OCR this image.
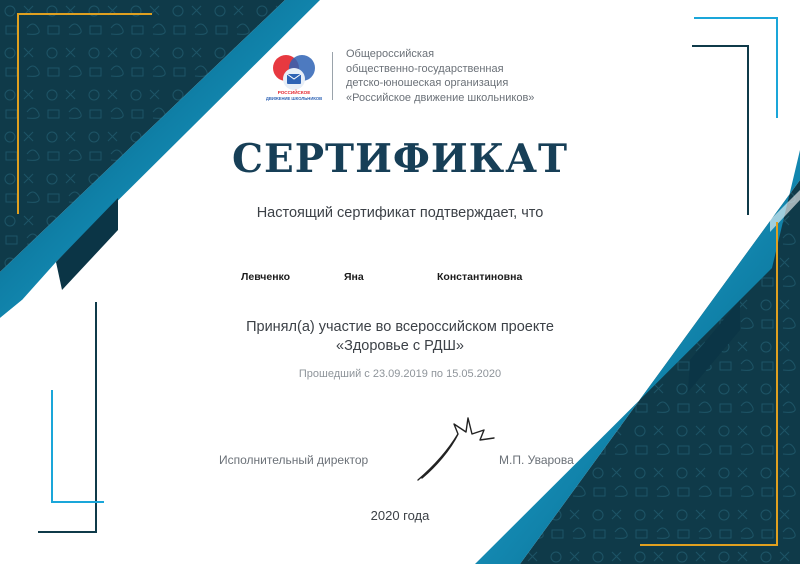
РОССИЙСКОЕ
ДВИЖЕНИЕ ШКОЛЬНИКОВ
Общероссийская
общественно-государственная
детско-юношеская организация
«Российское движение школьников»
СЕРТИФИКАТ
Настоящий сертификат подтверждает, что
Левченко	Яна	Константиновна
Принял(а) участие во всероссийском проекте
«Здоровье с РДШ»
Прошедший с 23.09.2019 по 15.05.2020
Исполнительный директор	М.П. Уварова
2020 года
